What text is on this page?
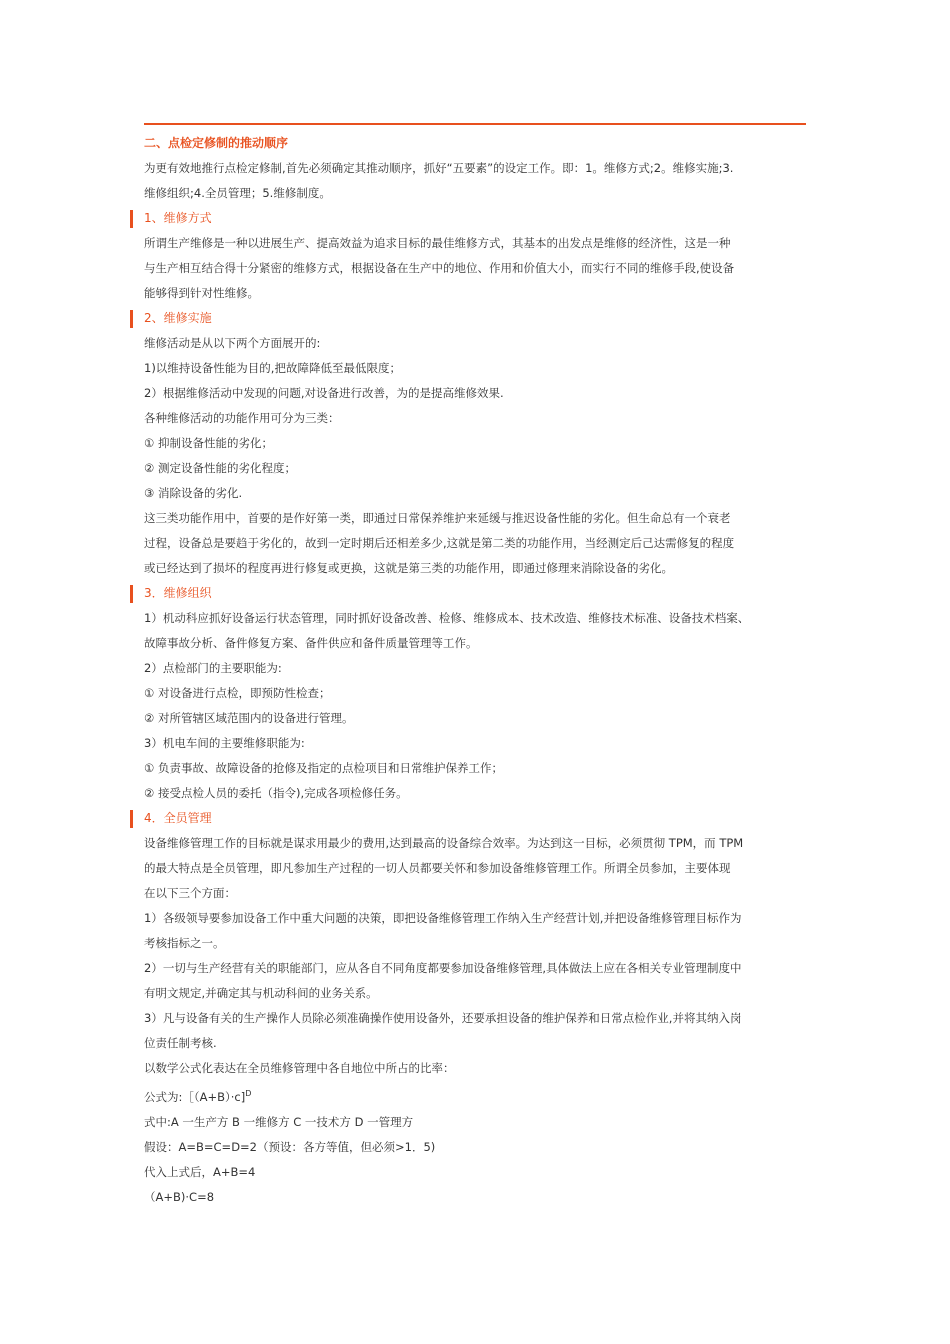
二、点检定修制的推动顺序
为更有效地推行点检定修制,首先必须确定其推动顺序，抓好“五要素”的设定工作。即：1。维修方式;2。维修实施;3.
维修组织;4.全员管理；5.维修制度。
1、维修方式
所谓生产维修是一种以进展生产、提高效益为追求目标的最佳维修方式，其基本的出发点是维修的经济性，这是一种
与生产相互结合得十分紧密的维修方式，根据设备在生产中的地位、作用和价值大小，而实行不同的维修手段,使设备
能够得到针对性维修。
2、维修实施
维修活动是从以下两个方面展开的:
1)以维持设备性能为目的,把故障降低至最低限度；
2）根据维修活动中发现的问题,对设备进行改善，为的是提高维修效果.
各种维修活动的功能作用可分为三类：
① 抑制设备性能的劣化；
② 测定设备性能的劣化程度；
③ 消除设备的劣化.
这三类功能作用中，首要的是作好第一类，即通过日常保养维护来延缓与推迟设备性能的劣化。但生命总有一个衰老
过程，设备总是要趋于劣化的，故到一定时期后还相差多少,这就是第二类的功能作用，当经测定后己达需修复的程度
或已经达到了损坏的程度再进行修复或更换，这就是第三类的功能作用，即通过修理来消除设备的劣化。
3．维修组织
1）机动科应抓好设备运行状态管理，同时抓好设备改善、检修、维修成本、技术改造、维修技术标准、设备技术档案、
故障事故分析、备件修复方案、备件供应和备件质量管理等工作。
2）点检部门的主要职能为:
① 对设备进行点检，即预防性检查；
② 对所管辖区域范围内的设备进行管理。
3）机电车间的主要维修职能为:
① 负责事故、故障设备的抢修及指定的点检项目和日常维护保养工作；
② 接受点检人员的委托（指令),完成各项检修任务。
4．全员管理
设备维修管理工作的目标就是谋求用最少的费用,达到最高的设备综合效率。为达到这一目标，必须贯彻 TPM，而 TPM
的最大特点是全员管理，即凡参加生产过程的一切人员都要关怀和参加设备维修管理工作。所谓全员参加，主要体现
在以下三个方面：
1）各级领导要参加设备工作中重大问题的决策，即把设备维修管理工作纳入生产经营计划,并把设备维修管理目标作为
考核指标之一。
2）一切与生产经营有关的职能部门，应从各自不同角度都要参加设备维修管理,具体做法上应在各相关专业管理制度中
有明文规定,并确定其与机动科间的业务关系。
3）凡与设备有关的生产操作人员除必须准确操作使用设备外，还要承担设备的维护保养和日常点检作业,并将其纳入岗
位责任制考核.
以数学公式化表达在全员维修管理中各自地位中所占的比率：
公式为:［（A+B）·c]$^D$
式中:A 一生产方 B 一维修方 C 一技术方 D 一管理方
假设：A=B=C=D=2（预设：各方等值，但必须>1．5)
代入上式后，A+B=4
（A+B)·C=8
